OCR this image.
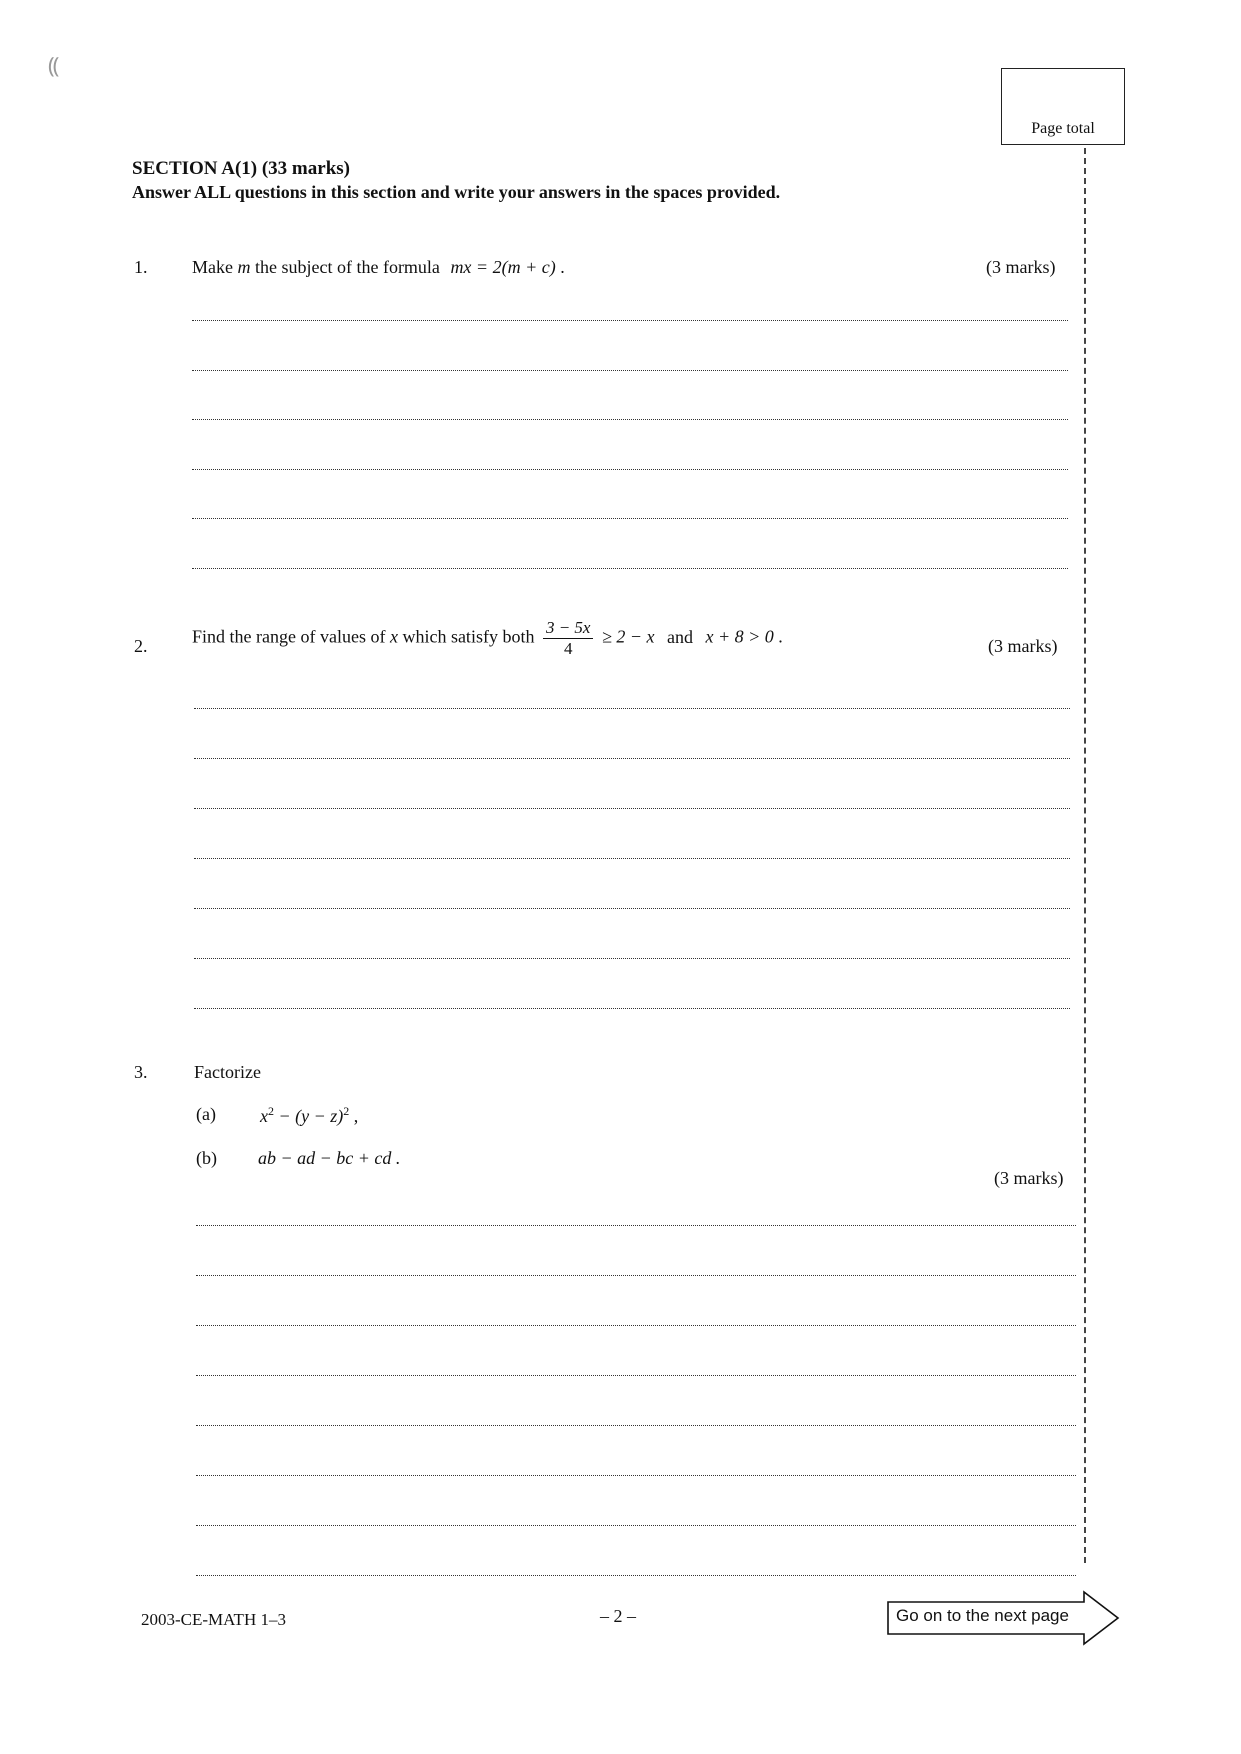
⸨
Page total
SECTION A(1) (33 marks)
Answer ALL questions in this section and write your answers in the spaces provided.
1. Make m the subject of the formula mx = 2(m + c) .	(3 marks)
2. Find the range of values of x which satisfy both $\frac{3 - 5x}{4} \ge 2 - x$ and x + 8 > 0 .	(3 marks)
3.	Factorize
(a) $x^2 - (y - z)^2$ ,
(b) ab − ad − bc + cd .
(3 marks)
2003-CE-MATH 1–3	– 2 –	Go on to the next page
